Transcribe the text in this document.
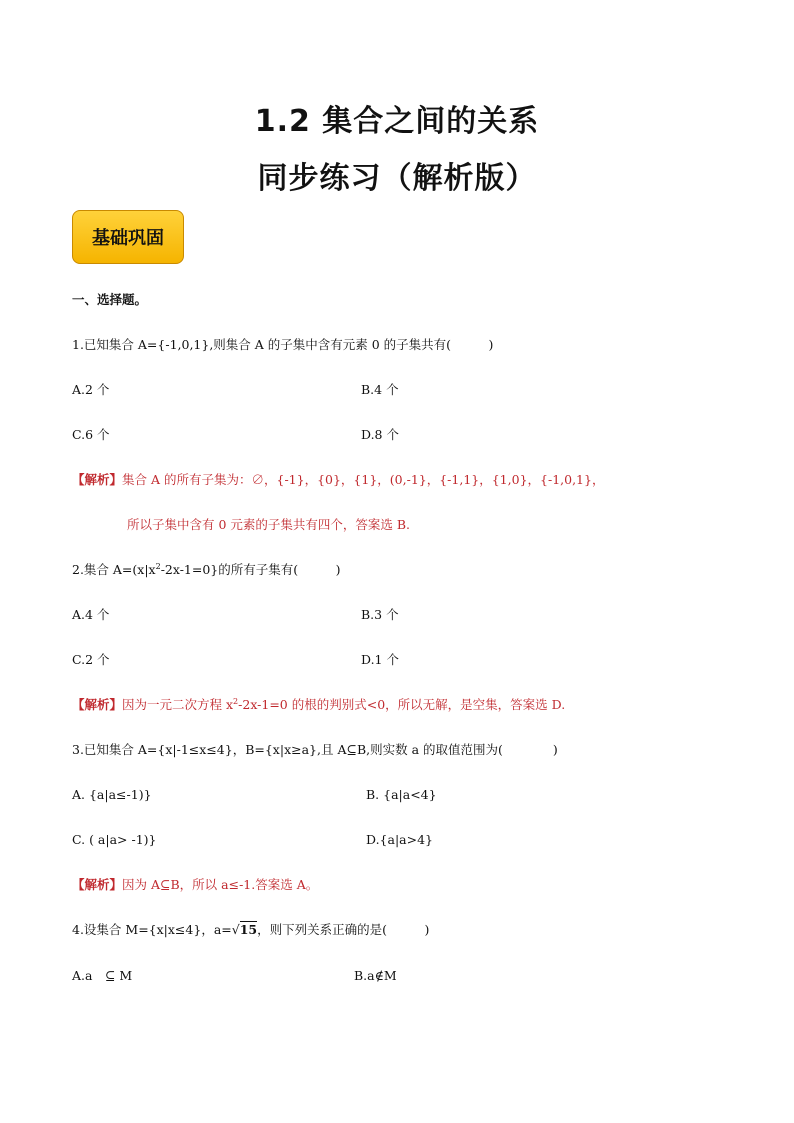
1.2 集合之间的关系
同步练习（解析版）
基础巩固
一、选择题。
1.已知集合 A={-1,0,1},则集合 A 的子集中含有元素 0 的子集共有(　　　)
A.2 个	B.4 个
C.6 个	D.8 个
【解析】集合 A 的所有子集为：∅，{-1}，{0}，{1}，(0,-1}，{-1,1}，{1,0}，{-1,0,1}，
所以子集中含有 0 元素的子集共有四个，答案选 B.
2.集合 $A=(x|x^2-2x-1=0\}$的所有子集有(　　　)
A.4 个	B.3 个
C.2 个	D.1 个
【解析】因为一元二次方程 $x^2-2x-1=0$ 的根的判别式<0，所以无解，是空集，答案选 D.
3.已知集合 A={x|-1≤x≤4}，B={x|x≥a},且 A⊆B,则实数 a 的取值范围为(　　　　)
A. {a|a≤-1)}	B. {a|a<4}
C. ( a|a> -1)}	D.{a|a>4}
【解析】因为 A⊆B，所以 a≤-1.答案选 A。
4.设集合 M={x|x≤4}，a=√15，则下列关系正确的是(　　　)
A.a　⊆ M	B.a∉M
